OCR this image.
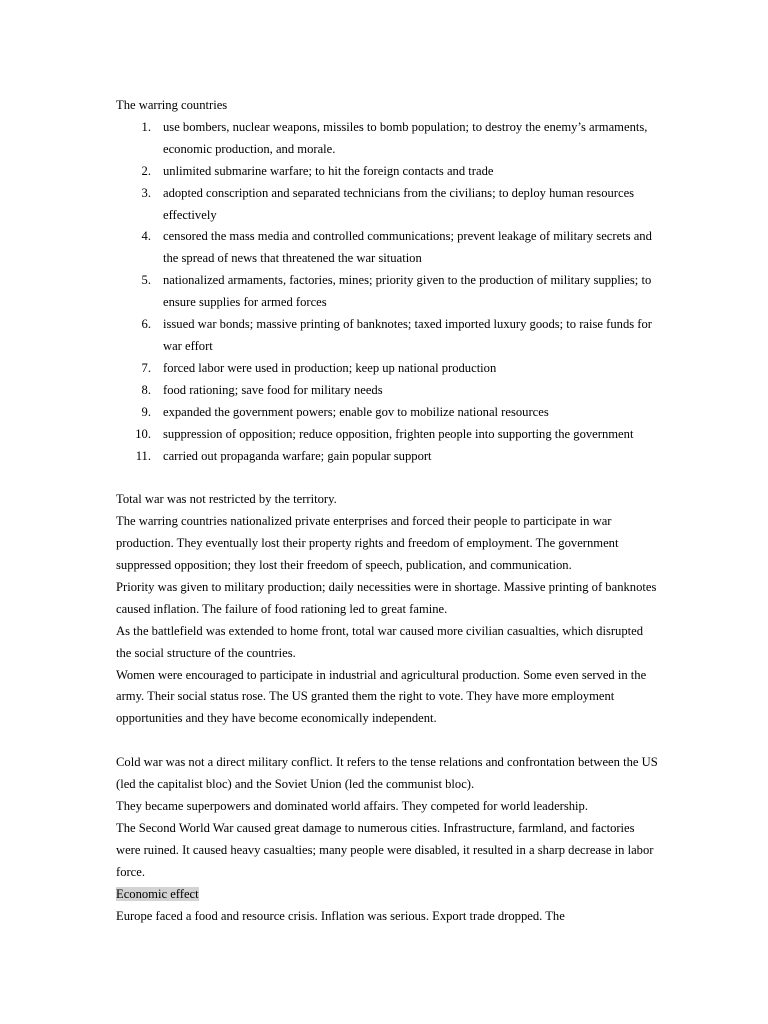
The warring countries

1. use bombers, nuclear weapons, missiles to bomb population; to destroy the enemy’s armaments, economic production, and morale.
2. unlimited submarine warfare; to hit the foreign contacts and trade
3. adopted conscription and separated technicians from the civilians; to deploy human resources effectively
4. censored the mass media and controlled communications; prevent leakage of military secrets and the spread of news that threatened the war situation
5. nationalized armaments, factories, mines; priority given to the production of military supplies; to ensure supplies for armed forces
6. issued war bonds; massive printing of banknotes; taxed imported luxury goods; to raise funds for war effort
7. forced labor were used in production; keep up national production
8. food rationing; save food for military needs
9. expanded the government powers; enable gov to mobilize national resources
10. suppression of opposition; reduce opposition, frighten people into supporting the government
11. carried out propaganda warfare; gain popular support

Total war was not restricted by the territory.

The warring countries nationalized private enterprises and forced their people to participate in war production. They eventually lost their property rights and freedom of employment. The government suppressed opposition; they lost their freedom of speech, publication, and communication.

Priority was given to military production; daily necessities were in shortage. Massive printing of banknotes caused inflation. The failure of food rationing led to great famine.

As the battlefield was extended to home front, total war caused more civilian casualties, which disrupted the social structure of the countries.

Women were encouraged to participate in industrial and agricultural production. Some even served in the army. Their social status rose. The US granted them the right to vote. They have more employment opportunities and they have become economically independent.

Cold war was not a direct military conflict. It refers to the tense relations and confrontation between the US (led the capitalist bloc) and the Soviet Union (led the communist bloc).

They became superpowers and dominated world affairs. They competed for world leadership.

The Second World War caused great damage to numerous cities. Infrastructure, farmland, and factories were ruined. It caused heavy casualties; many people were disabled, it resulted in a sharp decrease in labor force.

Economic effect

Europe faced a food and resource crisis. Inflation was serious. Export trade dropped. The
